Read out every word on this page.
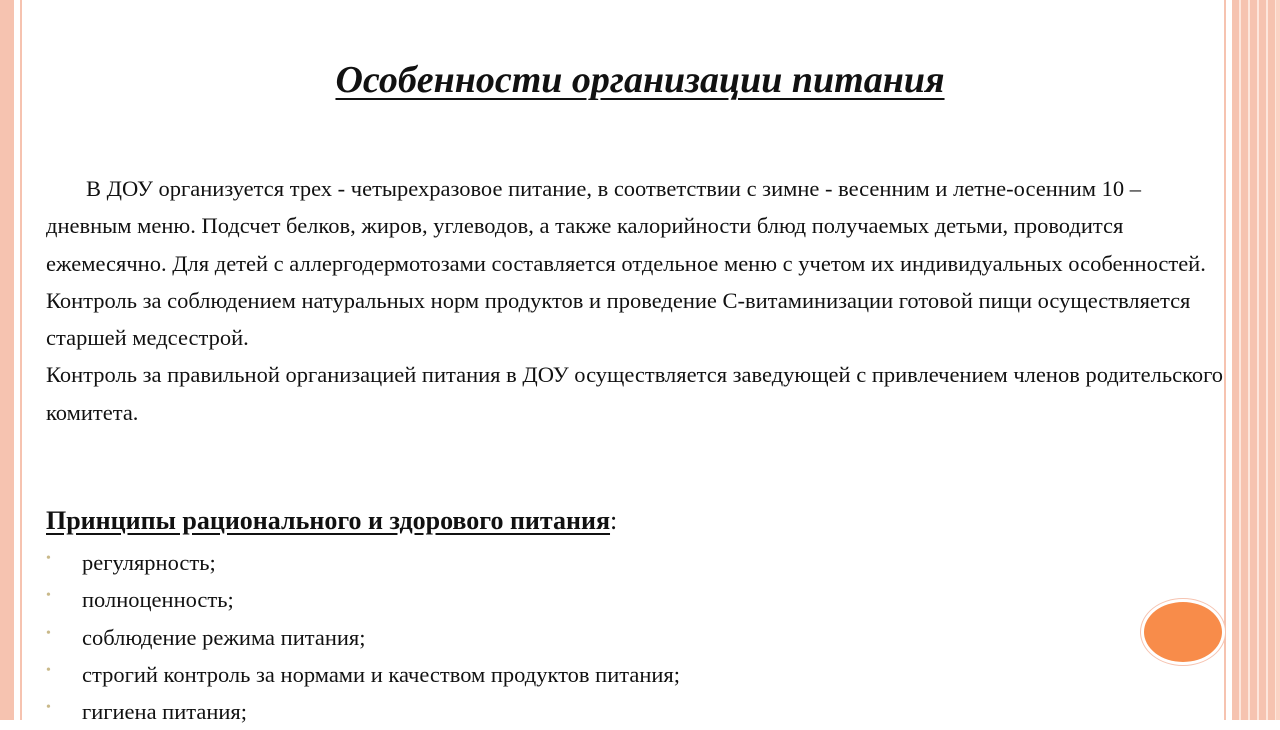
Особенности организации питания

В ДОУ организуется трех - четырехразовое питание, в соответствии с зимне - весенним и летне-осенним 10 – дневным меню. Подсчет белков, жиров, углеводов, а также калорийности блюд получаемых детьми, проводится ежемесячно. Для детей с аллергодермотозами составляется отдельное меню с учетом их индивидуальных особенностей.

Контроль за соблюдением натуральных норм продуктов и проведение С-витаминизации готовой пищи осуществляется старшей медсестрой.

Контроль за правильной организацией питания в ДОУ осуществляется заведующей с привлечением членов родительского комитета.

Принципы рационального и здорового питания:
• регулярность;
• полноценность;
• соблюдение режима питания;
• строгий контроль за нормами и качеством продуктов питания;
• гигиена питания;
